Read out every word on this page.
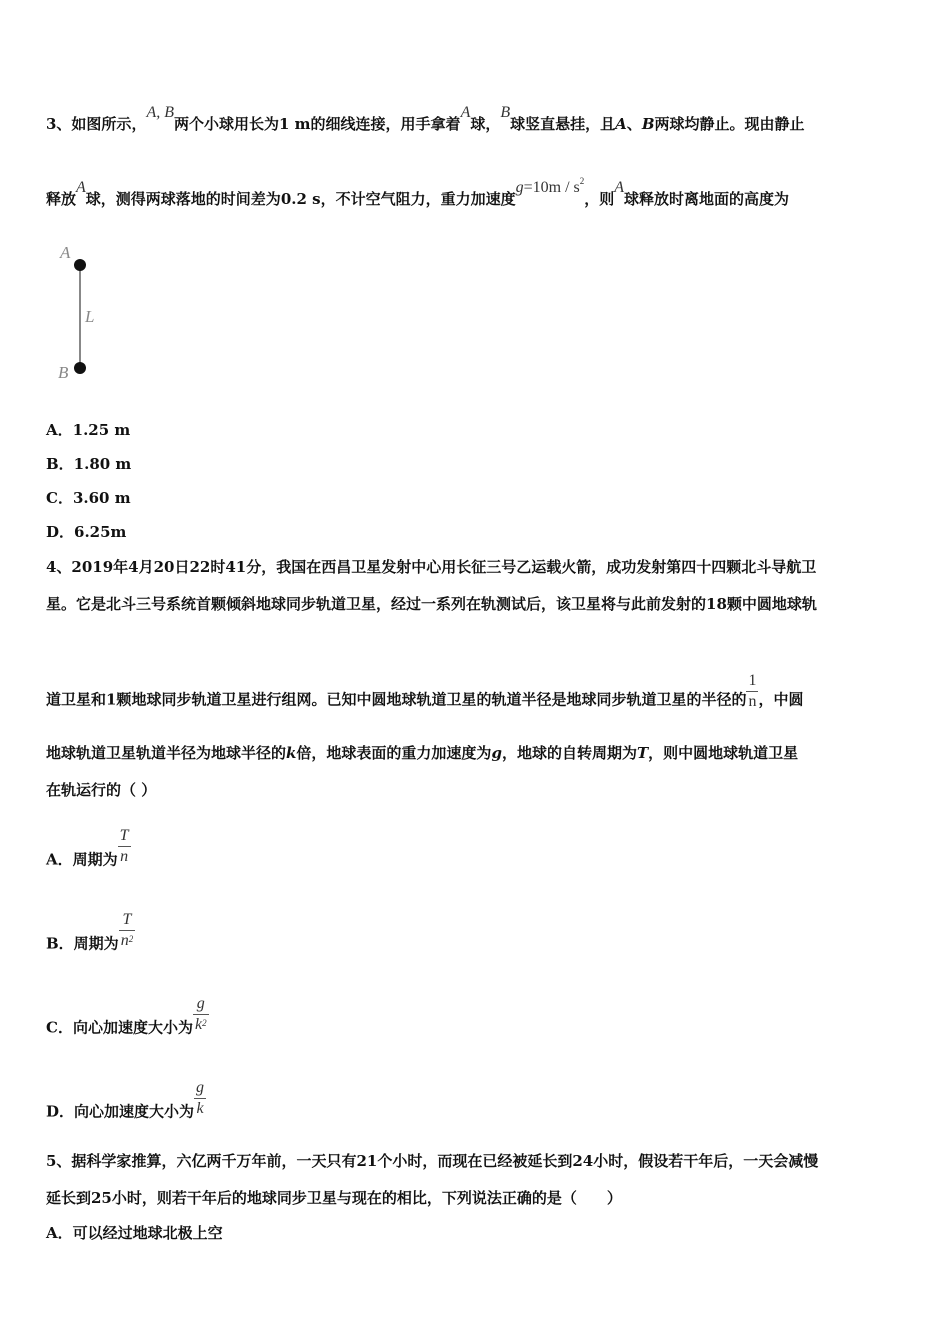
3、如图所示，A, B两个小球用长为1 m的细线连接，用手拿着A球，B球竖直悬挂，且A、B两球均静止。现由静止
释放A球，测得两球落地的时间差为0.2 s，不计空气阻力，重力加速度$g=10m / s^2$，则A球释放时离地面的高度为
A
L
B
A．1.25 m
B．1.80 m
C．3.60 m
D．6.25m
4、2019年4月20日22时41分，我国在西昌卫星发射中心用长征三号乙运载火箭，成功发射第四十四颗北斗导航卫
星。它是北斗三号系统首颗倾斜地球同步轨道卫星，经过一系列在轨测试后，该卫星将与此前发射的18颗中圆地球轨
道卫星和1颗地球同步轨道卫星进行组网。已知中圆地球轨道卫星的轨道半径是地球同步轨道卫星的半径的 $\frac{1}{n}$ ，中圆
地球轨道卫星轨道半径为地球半径的k倍，地球表面的重力加速度为g，地球的自转周期为T，则中圆地球轨道卫星
在轨运行的（ ）
A．周期为 $\frac{T}{n}$
B．周期为 $\frac{T}{n^2}$
C．向心加速度大小为 $\frac{g}{k^2}$
D．向心加速度大小为 $\frac{g}{k}$
5、据科学家推算，六亿两千万年前，一天只有21个小时，而现在已经被延长到24小时，假设若干年后，一天会减慢
延长到25小时，则若干年后的地球同步卫星与现在的相比，下列说法正确的是（　　）
A．可以经过地球北极上空
